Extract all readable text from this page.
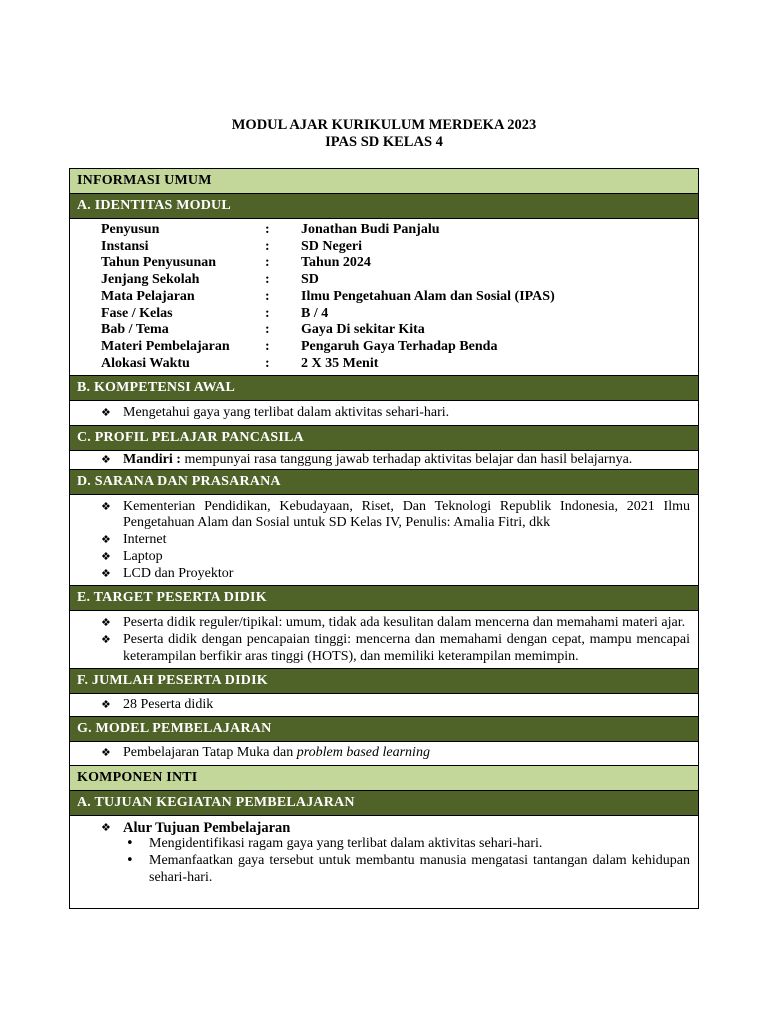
MODUL AJAR KURIKULUM MERDEKA 2023
IPAS SD KELAS 4
INFORMASI UMUM
A. IDENTITAS MODUL
Penyusun	:	Jonathan Budi Panjalu
Instansi	:	SD Negeri
Tahun Penyusunan	:	Tahun 2024
Jenjang Sekolah	:	SD
Mata Pelajaran	:	Ilmu Pengetahuan Alam dan Sosial (IPAS)
Fase / Kelas	:	B / 4
Bab / Tema	:	Gaya Di sekitar Kita
Materi Pembelajaran	:	Pengaruh Gaya Terhadap Benda
Alokasi Waktu	:	2 X 35 Menit
B. KOMPETENSI AWAL
❖ Mengetahui gaya yang terlibat dalam aktivitas sehari-hari.
C. PROFIL PELAJAR PANCASILA
❖ Mandiri : mempunyai rasa tanggung jawab terhadap aktivitas belajar dan hasil belajarnya.
D. SARANA DAN PRASARANA
❖ Kementerian Pendidikan, Kebudayaan, Riset, Dan Teknologi Republik Indonesia, 2021 Ilmu Pengetahuan Alam dan Sosial untuk SD Kelas IV, Penulis: Amalia Fitri, dkk
❖ Internet
❖ Laptop
❖ LCD dan Proyektor
E. TARGET PESERTA DIDIK
❖ Peserta didik reguler/tipikal: umum, tidak ada kesulitan dalam mencerna dan memahami materi ajar.
❖ Peserta didik dengan pencapaian tinggi: mencerna dan memahami dengan cepat, mampu mencapai keterampilan berfikir aras tinggi (HOTS), dan memiliki keterampilan memimpin.
F. JUMLAH PESERTA DIDIK
❖ 28 Peserta didik
G. MODEL PEMBELAJARAN
❖ Pembelajaran Tatap Muka dan problem based learning
KOMPONEN INTI
A. TUJUAN KEGIATAN PEMBELAJARAN
❖ Alur Tujuan Pembelajaran
• Mengidentifikasi ragam gaya yang terlibat dalam aktivitas sehari-hari.
• Memanfaatkan gaya tersebut untuk membantu manusia mengatasi tantangan dalam kehidupan sehari-hari.
